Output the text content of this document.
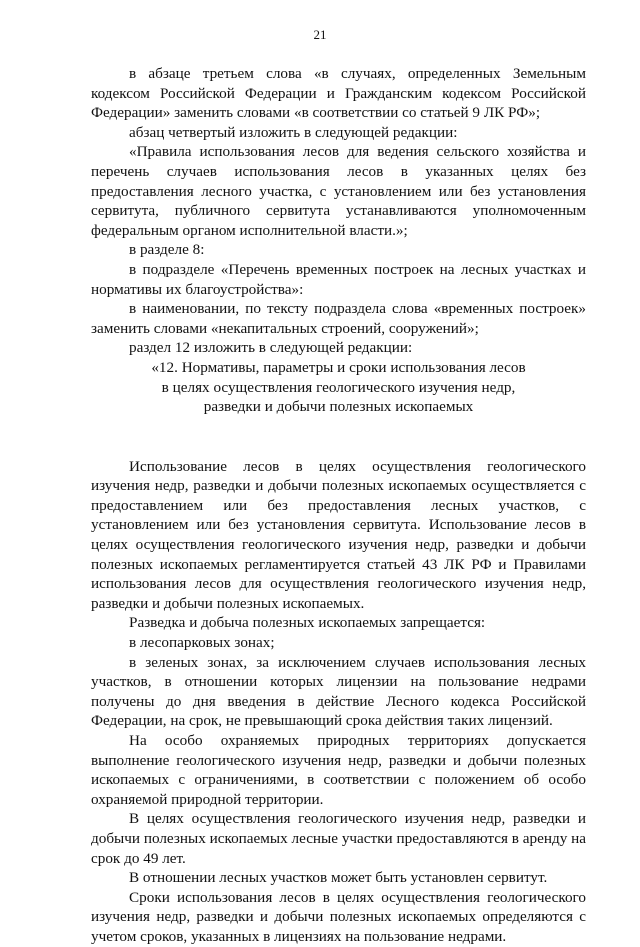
21

в абзаце третьем слова «в случаях, определенных Земельным кодексом Российской Федерации и Гражданским кодексом Российской Федерации» заменить словами «в соответствии со статьей 9 ЛК РФ»;

абзац четвертый изложить в следующей редакции:

«Правила использования лесов для ведения сельского хозяйства и перечень случаев использования лесов в указанных целях без предоставления лесного участка, с установлением или без установления сервитута, публичного сервитута устанавливаются уполномоченным федеральным органом исполнительной власти.»;

в разделе 8:

в подразделе «Перечень временных построек на лесных участках и нормативы их благоустройства»:

в наименовании, по тексту подраздела слова «временных построек» заменить словами «некапитальных строений, сооружений»;

раздел 12 изложить в следующей редакции:

«12. Нормативы, параметры и сроки использования лесов
в целях осуществления геологического изучения недр,
разведки и добычи полезных ископаемых

Использование лесов в целях осуществления геологического изучения недр, разведки и добычи полезных ископаемых осуществляется с предоставлением или без предоставления лесных участков, с установлением или без установления сервитута. Использование лесов в целях осуществления геологического изучения недр, разведки и добычи полезных ископаемых регламентируется статьей 43 ЛК РФ и Правилами использования лесов для осуществления геологического изучения недр, разведки и добычи полезных ископаемых.

Разведка и добыча полезных ископаемых запрещается:

в лесопарковых зонах;

в зеленых зонах, за исключением случаев использования лесных участков, в отношении которых лицензии на пользование недрами получены до дня введения в действие Лесного кодекса Российской Федерации, на срок, не превышающий срока действия таких лицензий.

На особо охраняемых природных территориях допускается выполнение геологического изучения недр, разведки и добычи полезных ископаемых с ограничениями, в соответствии с положением об особо охраняемой природной территории.

В целях осуществления геологического изучения недр, разведки и добычи полезных ископаемых лесные участки предоставляются в аренду на срок до 49 лет.

В отношении лесных участков может быть установлен сервитут.

Сроки использования лесов в целях осуществления геологического изучения недр, разведки и добычи полезных ископаемых определяются с учетом сроков, указанных в лицензиях на пользование недрами.
